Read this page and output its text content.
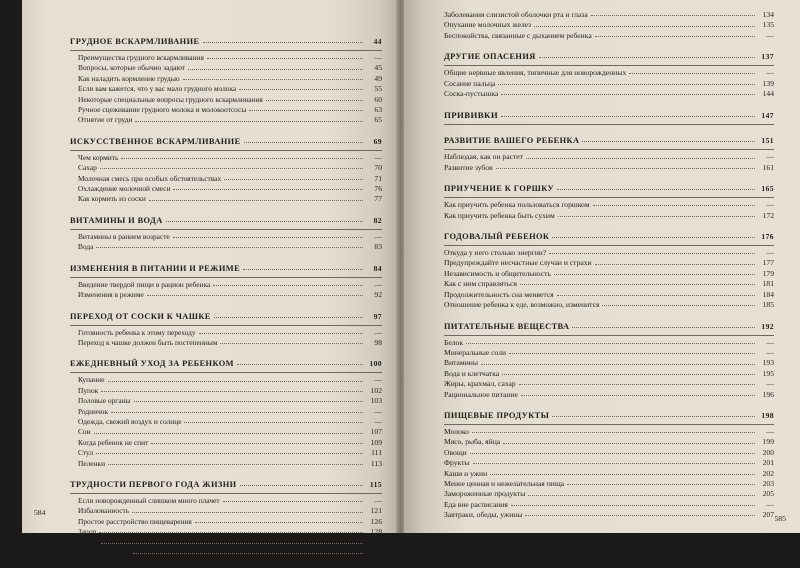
ГРУДНОЕ ВСКАРМЛИВАНИЕ	44
Преимущества грудного вскармливания	—
Вопросы, которые обычно задают	45
Как наладить кормление грудью	49
Если вам кажется, что у вас мало грудного молока	55
Некоторые специальные вопросы грудного вскармливания	60
Ручное сцеживание грудного молока и молокоотсосы	63
Отнятие от груди	65
ИСКУССТВЕННОЕ ВСКАРМЛИВАНИЕ	69
Чем кормить	—
Сахар	70
Молочная смесь при особых обстоятельствах	71
Охлаждение молочной смеси	76
Как кормить из соски	77
ВИТАМИНЫ И ВОДА	82
Витамины в раннем возрасте	—
Вода	83
ИЗМЕНЕНИЯ В ПИТАНИИ И РЕЖИМЕ	84
Введение твердой пищи в рацион ребенка	—
Изменения в режиме	92
ПЕРЕХОД ОТ СОСКИ К ЧАШКЕ	97
Готовность ребенка к этому переходу	—
Переход к чашке должен быть постепенным	98
ЕЖЕДНЕВНЫЙ УХОД ЗА РЕБЕНКОМ	100
Купание	—
Пупок	102
Половые органы	103
Родничок	—
Одежда, свежий воздух и солнце	—
Сон	107
Когда ребенок не спит	109
Стул	111
Пеленки	113
ТРУДНОСТИ ПЕРВОГО ГОДА ЖИЗНИ	115
Если новорожденный слишком много плачет	—
Избалованность	121
Простое расстройство пищеварения	126
Запор	128
Понос	130
Кожные явления	133
584
Заболевания слизистой оболочки рта и глаза	134
Опухание молочных желез	135
Беспокойства, связанные с дыханием ребенка	—
ДРУГИЕ ОПАСЕНИЯ	137
Общие нервные явления, типичные для новорожденных	—
Сосание пальца	139
Соска-пустышка	144
ПРИВИВКИ	147
РАЗВИТИЕ ВАШЕГО РЕБЕНКА	151
Наблюдая, как он растет	—
Развитие зубов	161
ПРИУЧЕНИЕ К ГОРШКУ	165
Как приучить ребенка пользоваться горшком	—
Как приучить ребенка быть сухим	172
ГОДОВАЛЫЙ РЕБЕНОК	176
Откуда у него столько энергии?	—
Предупреждайте несчастные случаи и страхи	177
Независимость и общительность	179
Как с ним справляться	181
Продолжительность сна меняется	184
Отношение ребенка к еде, возможно, изменится	185
ПИТАТЕЛЬНЫЕ ВЕЩЕСТВА	192
Белок	—
Минеральные соли	—
Витамины	193
Вода и клетчатка	195
Жиры, крахмал, сахар	—
Рациональное питание	196
ПИЩЕВЫЕ ПРОДУКТЫ	198
Молоко	—
Мясо, рыба, яйца	199
Овощи	200
Фрукты	201
Каши и ужин	202
Менее ценная и нежелательная пища	203
Замороженные продукты	205
Еда вне расписания	—
Завтраки, обеды, ужины	207 585
